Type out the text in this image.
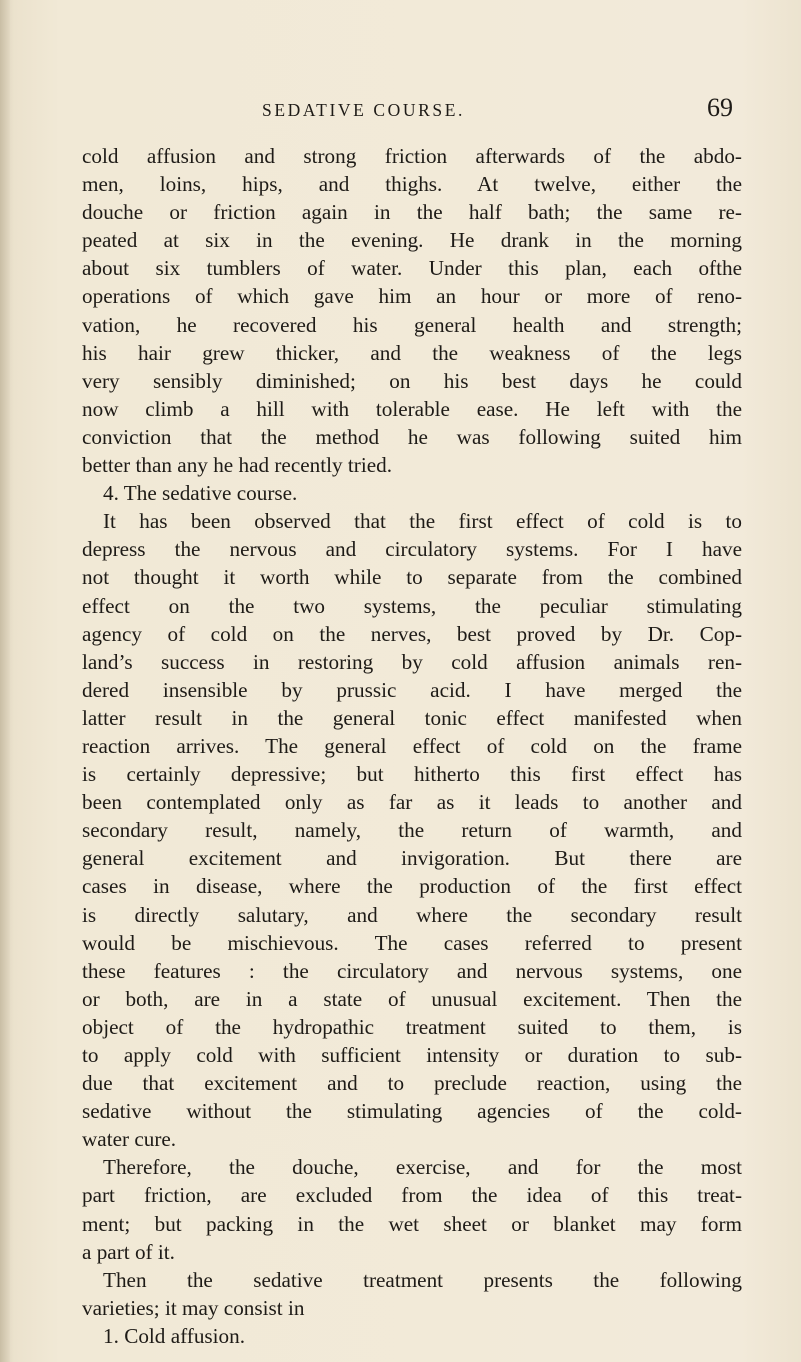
SEDATIVE COURSE.	69
cold affusion and strong friction afterwards of the abdo-
men, loins, hips, and thighs. At twelve, either the
douche or friction again in the half bath; the same re-
peated at six in the evening. He drank in the morning
about six tumblers of water. Under this plan, each ofthe
operations of which gave him an hour or more of reno-
vation, he recovered his general health and strength;
his hair grew thicker, and the weakness of the legs
very sensibly diminished; on his best days he could
now climb a hill with tolerable ease. He left with the
conviction that the method he was following suited him
better than any he had recently tried.
4. The sedative course.
It has been observed that the first effect of cold is to
depress the nervous and circulatory systems. For I have
not thought it worth while to separate from the combined
effect on the two systems, the peculiar stimulating
agency of cold on the nerves, best proved by Dr. Cop-
land’s success in restoring by cold affusion animals ren-
dered insensible by prussic acid. I have merged the
latter result in the general tonic effect manifested when
reaction arrives. The general effect of cold on the frame
is certainly depressive; but hitherto this first effect has
been contemplated only as far as it leads to another and
secondary result, namely, the return of warmth, and
general excitement and invigoration. But there are
cases in disease, where the production of the first effect
is directly salutary, and where the secondary result
would be mischievous. The cases referred to present
these features : the circulatory and nervous systems, one
or both, are in a state of unusual excitement. Then the
object of the hydropathic treatment suited to them, is
to apply cold with sufficient intensity or duration to sub-
due that excitement and to preclude reaction, using the
sedative without the stimulating agencies of the cold-
water cure.
Therefore, the douche, exercise, and for the most
part friction, are excluded from the idea of this treat-
ment; but packing in the wet sheet or blanket may form
a part of it.
Then the sedative treatment presents the following
varieties; it may consist in
1. Cold affusion.
